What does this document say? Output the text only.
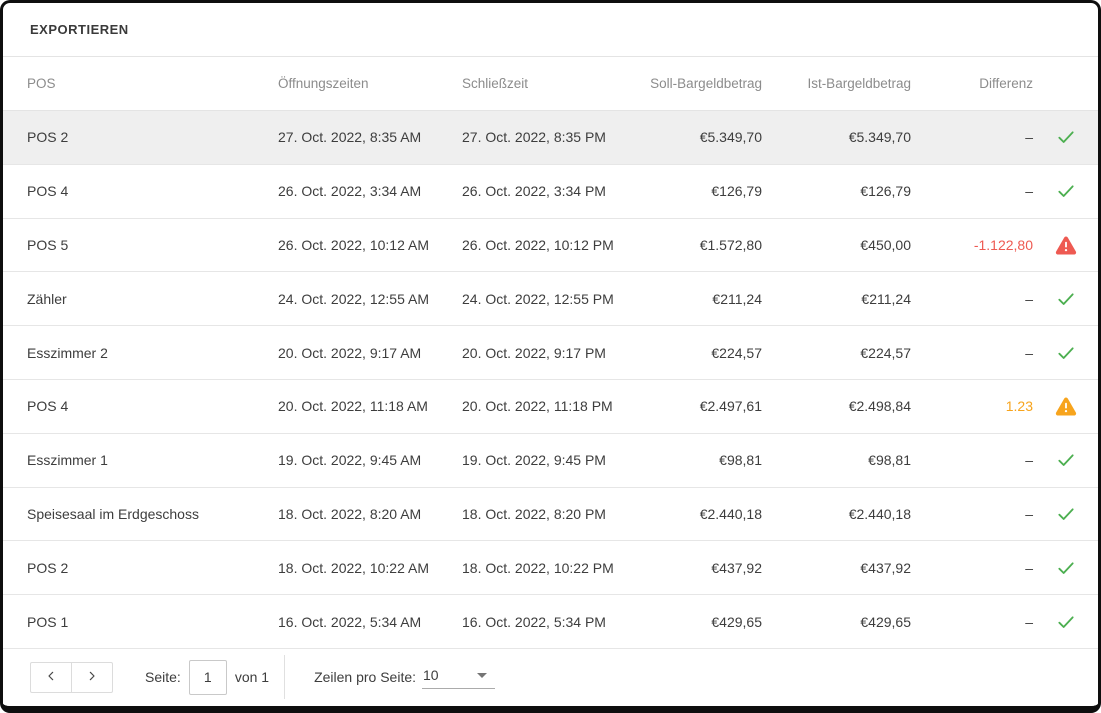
EXPORTIEREN
POS	Öffnungszeiten	Schließzeit	Soll-Bargeldbetrag	Ist-Bargeldbetrag	Differenz
POS 2	27. Oct. 2022, 8:35 AM	27. Oct. 2022, 8:35 PM	€5.349,70	€5.349,70	–
POS 4	26. Oct. 2022, 3:34 AM	26. Oct. 2022, 3:34 PM	€126,79	€126,79	–
POS 5	26. Oct. 2022, 10:12 AM	26. Oct. 2022, 10:12 PM	€1.572,80	€450,00	-1.122,80
Zähler	24. Oct. 2022, 12:55 AM	24. Oct. 2022, 12:55 PM	€211,24	€211,24	–
Esszimmer 2	20. Oct. 2022, 9:17 AM	20. Oct. 2022, 9:17 PM	€224,57	€224,57	–
POS 4	20. Oct. 2022, 11:18 AM	20. Oct. 2022, 11:18 PM	€2.497,61	€2.498,84	1.23
Esszimmer 1	19. Oct. 2022, 9:45 AM	19. Oct. 2022, 9:45 PM	€98,81	€98,81	–
Speisesaal im Erdgeschoss	18. Oct. 2022, 8:20 AM	18. Oct. 2022, 8:20 PM	€2.440,18	€2.440,18	–
POS 2	18. Oct. 2022, 10:22 AM	18. Oct. 2022, 10:22 PM	€437,92	€437,92	–
POS 1	16. Oct. 2022, 5:34 AM	16. Oct. 2022, 5:34 PM	€429,65	€429,65	–
Seite:
1	von 1	Zeilen pro Seite: 10
